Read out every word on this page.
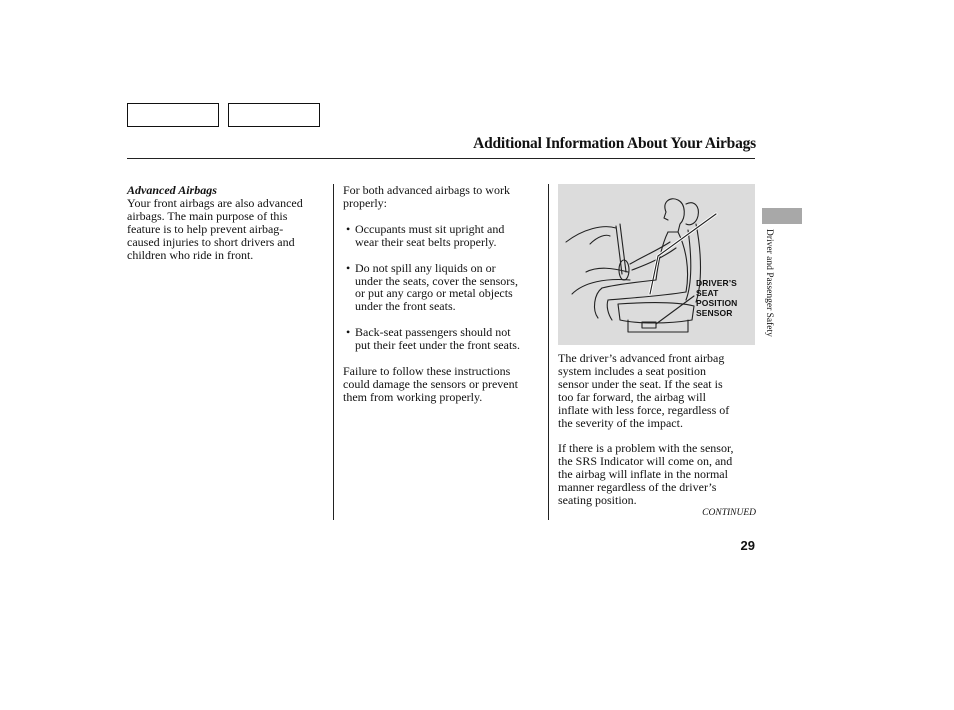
Additional Information About Your Airbags

Advanced Airbags

Your front airbags are also advanced

airbags. The main purpose of this

feature is to help prevent airbag-

caused injuries to short drivers and

children who ride in front.

For both advanced airbags to work

properly:

• Occupants must sit upright and

wear their seat belts properly.

• Do not spill any liquids on or

under the seats, cover the sensors,

or put any cargo or metal objects

under the front seats.

• Back-seat passengers should not

put their feet under the front seats.

Failure to follow these instructions

could damage the sensors or prevent

them from working properly.

DRIVER’S
SEAT
POSITION
SENSOR

The driver’s advanced front airbag

system includes a seat position

sensor under the seat. If the seat is

too far forward, the airbag will

inflate with less force, regardless of

the severity of the impact.

If there is a problem with the sensor,

the SRS Indicator will come on, and

the airbag will inflate in the normal

manner regardless of the driver’s

seating position.

CONTINUED
29
Driver and Passenger Safety
